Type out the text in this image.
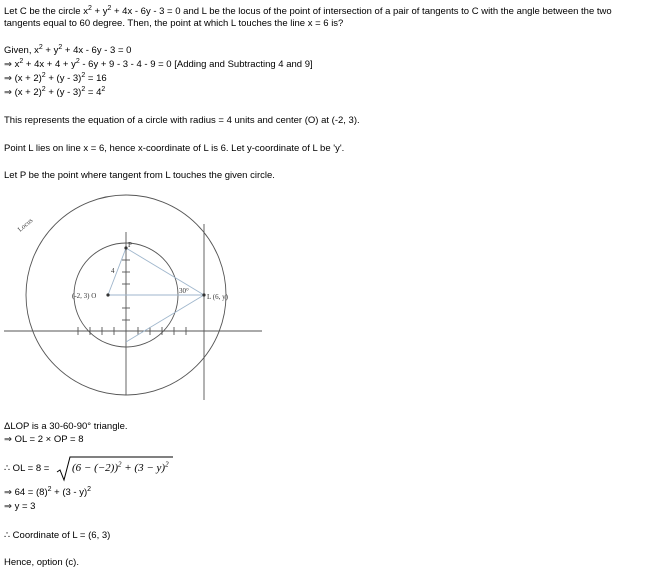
Let C be the circle $x^2 + y^2 + 4x - 6y - 3 = 0$ and L be the locus of the point of intersection of a pair of tangents to C with the angle between the two tangents equal to 60 degree. Then, the point at which L touches the line x = 6 is?
Given, $x^2 + y^2 + 4x - 6y - 3 = 0$
⇒ $x^2 + 4x + 4 + y^2 - 6y + 9 - 3 - 4 - 9 = 0$ [Adding and Subtracting 4 and 9]
⇒ $(x + 2)^2 + (y - 3)^2 = 16$
⇒ $(x + 2)^2 + (y - 3)^2 = 4^2$
This represents the equation of a circle with radius = 4 units and center (O) at (-2, 3).
Point L lies on line x = 6, hence x-coordinate of L is 6. Let y-coordinate of L be 'y'.
Let P be the point where tangent from L touches the given circle.
Locus
P
4
(-2, 3) O
30°
L (6, y)
ΔLOP is a 30-60-90° triangle.
⇒ OL = 2 × OP = 8
∴ OL = $8 = (6 - (-2))^2 + (3 - y)^2$
⇒ $64 = (8)^2 + (3 - y)^2$
⇒ y = 3
∴ Coordinate of L = (6, 3)
Hence, option (c).
